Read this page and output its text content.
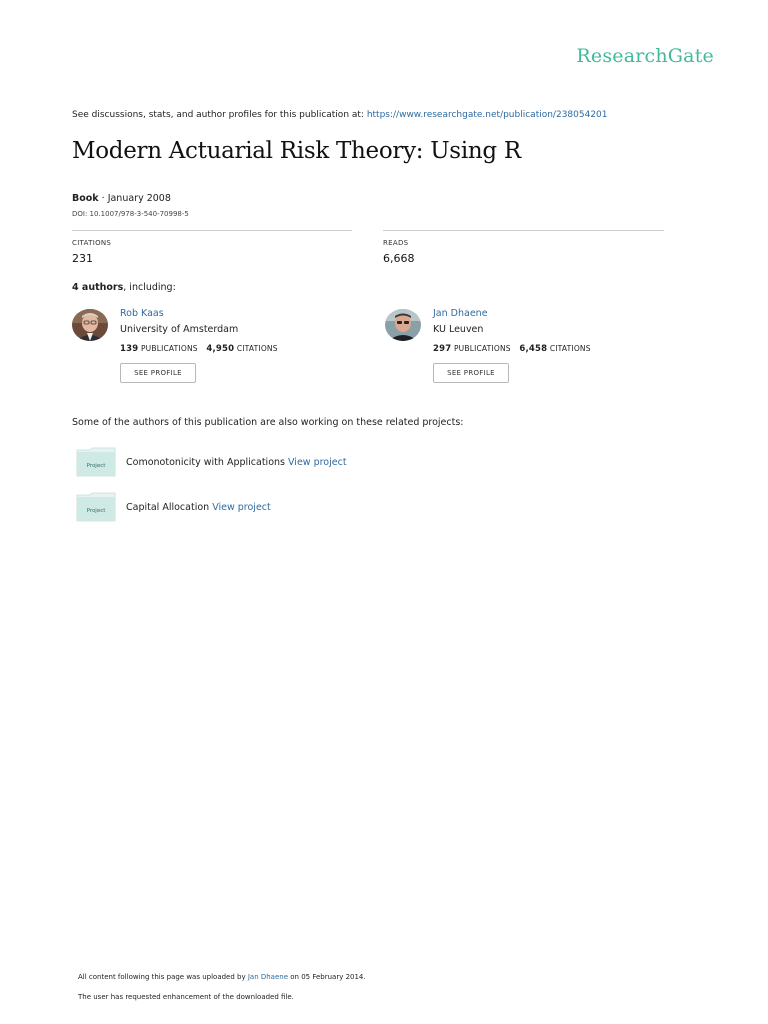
ResearchGate
See discussions, stats, and author profiles for this publication at: https://www.researchgate.net/publication/238054201
Modern Actuarial Risk Theory: Using R
Book · January 2008
DOI: 10.1007/978-3-540-70998-5
CITATIONS
231
READS
6,668
4 authors, including:
Rob Kaas
University of Amsterdam
139 PUBLICATIONS 4,950 CITATIONS
SEE PROFILE
Jan Dhaene
KU Leuven
297 PUBLICATIONS 6,458 CITATIONS
SEE PROFILE
Some of the authors of this publication are also working on these related projects:
Project Comonotonicity with Applications View project
Project Capital Allocation View project
All content following this page was uploaded by Jan Dhaene on 05 February 2014.
The user has requested enhancement of the downloaded file.
